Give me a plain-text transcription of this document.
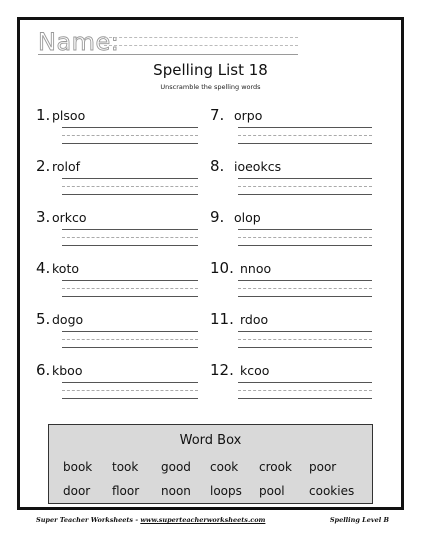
Name:
Spelling List 18
Unscramble the spelling words
1. plsoo
2. rolof
3. orkco
4. koto
5. dogo
6. kboo
7. orpo
8. ioeokcs
9. olop
10. nnoo
11. rdoo
12. kcoo
Word Box
book took good cook crook poor
door floor noon loops pool cookies
Super Teacher Worksheets - www.superteacherworksheets.com	Spelling Level B
